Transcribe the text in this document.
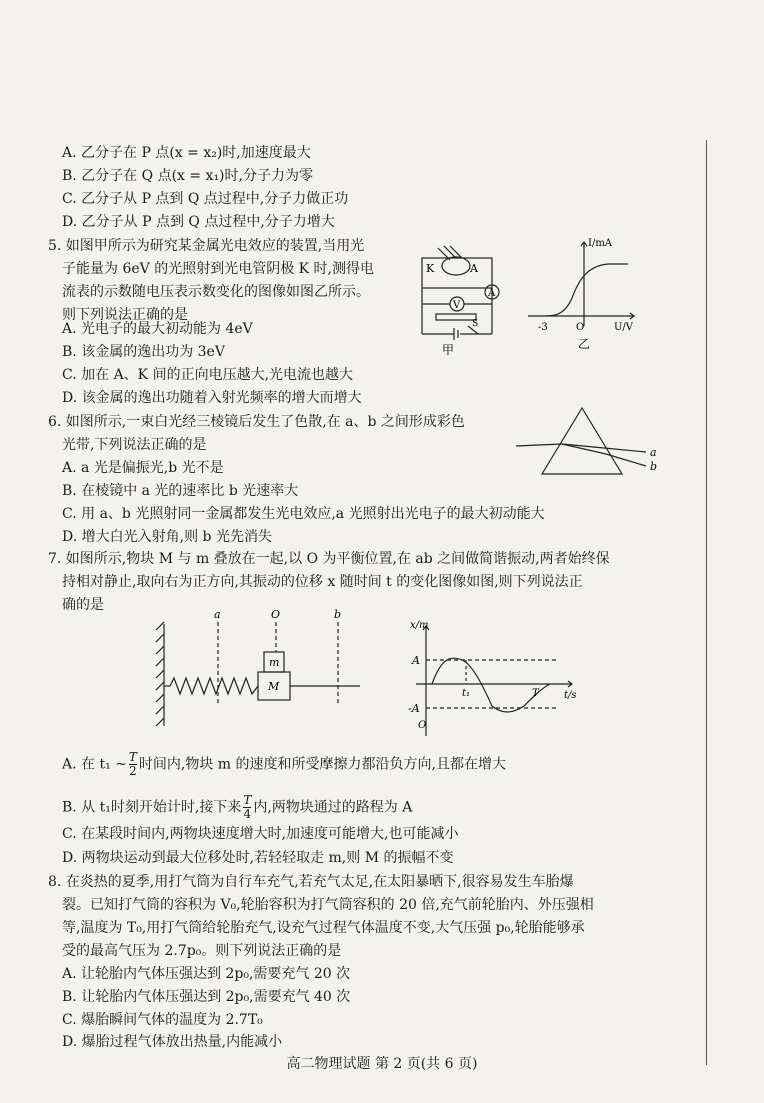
A. 乙分子在 P 点(x = x₂)时,加速度最大
B. 乙分子在 Q 点(x = x₁)时,分子力为零
C. 乙分子从 P 点到 Q 点过程中,分子力做正功
D. 乙分子从 P 点到 Q 点过程中,分子力增大
5. 如图甲所示为研究某金属光电效应的装置,当用光
子能量为 6eV 的光照射到光电管阴极 K 时,测得电
流表的示数随电压表示数变化的图像如图乙所示。
则下列说法正确的是
A. 光电子的最大初动能为 4eV
B. 该金属的逸出功为 3eV
C. 加在 A、K 间的正向电压越大,光电流也越大
D. 该金属的逸出功随着入射光频率的增大而增大
K	A
V
A
S
甲
I/mA
U/V
-3	O
乙
6. 如图所示,一束白光经三棱镜后发生了色散,在 a、b 之间形成彩色
光带,下列说法正确的是
A. a 光是偏振光,b 光不是
B. 在棱镜中 a 光的速率比 b 光速率大
C. 用 a、b 光照射同一金属都发生光电效应,a 光照射出光电子的最大初动能大
D. 增大白光入射角,则 b 光先消失
a
b
7. 如图所示,物块 M 与 m 叠放在一起,以 O 为平衡位置,在 ab 之间做简谐振动,两者始终保
持相对静止,取向右为正方向,其振动的位移 x 随时间 t 的变化图像如图,则下列说法正
确的是
a	O	b
m
M
x/m
t/s
A
-A
t₁	T
O
A. 在 t₁ ~ $\frac{T}{2}$ 时间内,物块 m 的速度和所受摩擦力都沿负方向,且都在增大
B. 从 t₁时刻开始计时,接下来 $\frac{T}{4}$ 内,两物块通过的路程为 A
C. 在某段时间内,两物块速度增大时,加速度可能增大,也可能减小
D. 两物块运动到最大位移处时,若轻轻取走 m,则 M 的振幅不变
8. 在炎热的夏季,用打气筒为自行车充气,若充气太足,在太阳暴晒下,很容易发生车胎爆
裂。已知打气筒的容积为 V₀,轮胎容积为打气筒容积的 20 倍,充气前轮胎内、外压强相
等,温度为 T₀,用打气筒给轮胎充气,设充气过程气体温度不变,大气压强 p₀,轮胎能够承
受的最高气压为 2.7p₀。则下列说法正确的是
A. 让轮胎内气体压强达到 2p₀,需要充气 20 次
B. 让轮胎内气体压强达到 2p₀,需要充气 40 次
C. 爆胎瞬间气体的温度为 2.7T₀
D. 爆胎过程气体放出热量,内能减小
高二物理试题 第 2 页(共 6 页)
